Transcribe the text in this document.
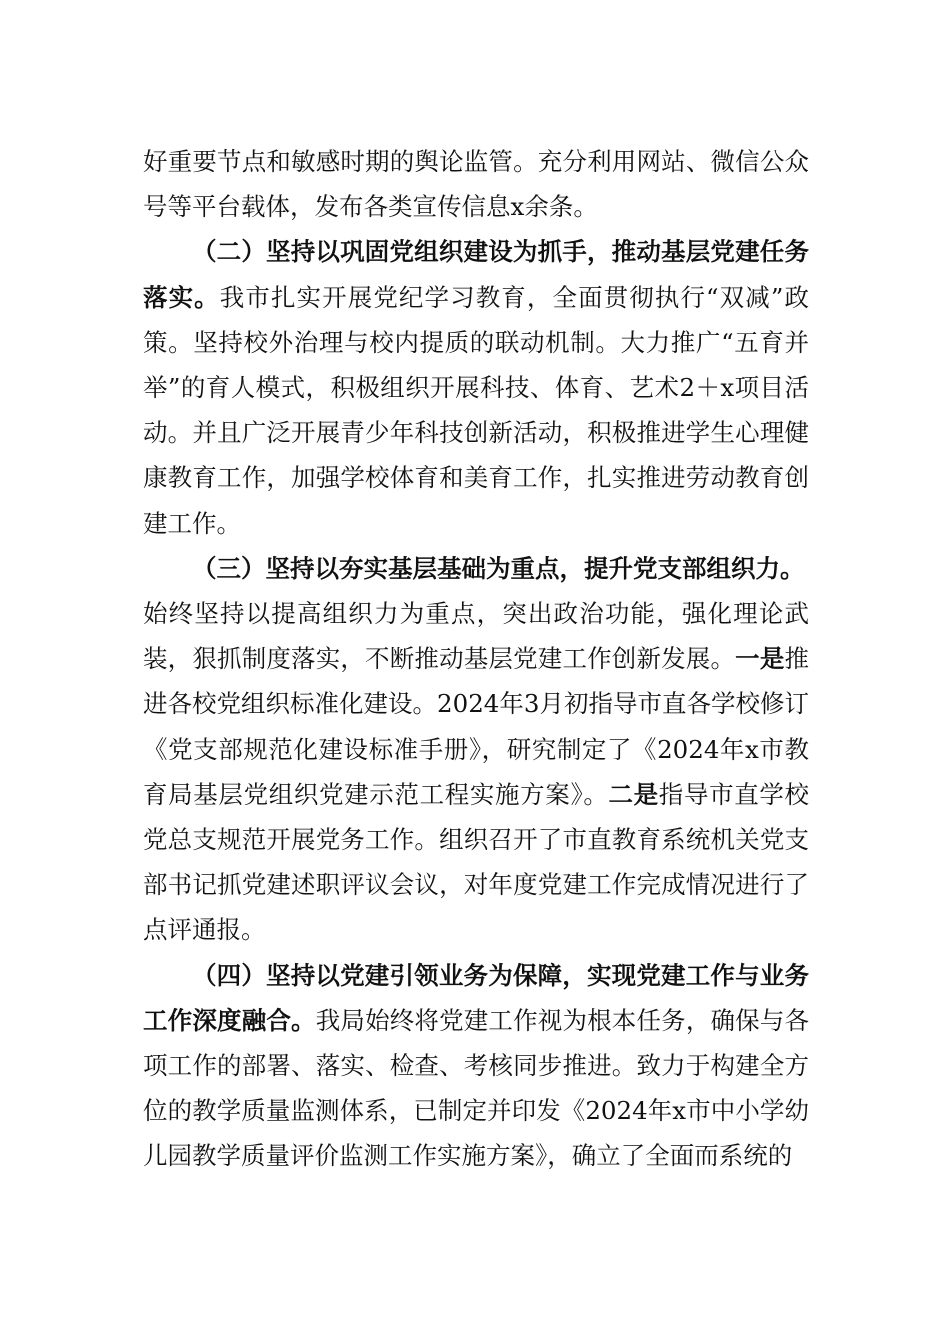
好重要节点和敏感时期的舆论监管。充分利用网站、微信公众号等平台载体，发布各类宣传信息x余条。

（二）坚持以巩固党组织建设为抓手，推动基层党建任务落实。我市扎实开展党纪学习教育，全面贯彻执行“双减”政策。坚持校外治理与校内提质的联动机制。大力推广“五育并举”的育人模式，积极组织开展科技、体育、艺术2＋x项目活动。并且广泛开展青少年科技创新活动，积极推进学生心理健康教育工作，加强学校体育和美育工作，扎实推进劳动教育创建工作。

（三）坚持以夯实基层基础为重点，提升党支部组织力。

始终坚持以提高组织力为重点，突出政治功能，强化理论武装，狠抓制度落实，不断推动基层党建工作创新发展。一是推进各校党组织标准化建设。2024年3月初指导市直各学校修订《党支部规范化建设标准手册》，研究制定了《2024年x市教育局基层党组织党建示范工程实施方案》。二是指导市直学校党总支规范开展党务工作。组织召开了市直教育系统机关党支部书记抓党建述职评议会议，对年度党建工作完成情况进行了点评通报。

（四）坚持以党建引领业务为保障，实现党建工作与业务工作深度融合。我局始终将党建工作视为根本任务，确保与各项工作的部署、落实、检查、考核同步推进。致力于构建全方位的教学质量监测体系，已制定并印发《2024年x市中小学幼儿园教学质量评价监测工作实施方案》，确立了全面而系统的
